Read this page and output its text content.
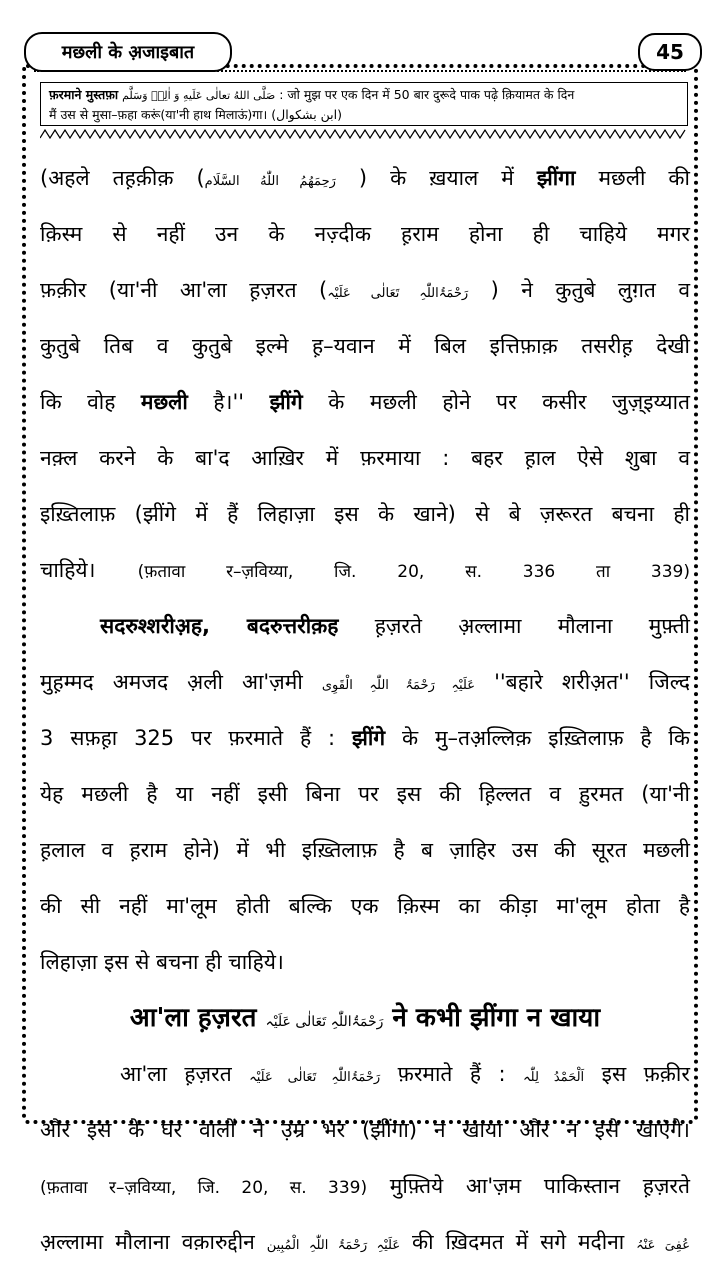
मछली के अ़जाइबात	45
फ़रमाने मुस्तफ़ा صَلَّی اللهُ تعالٰی عَلَیهِ وَ اٰلِهٖ وَسَلَّم : जो मुझ पर एक दिन में 50 बार दुरूदे पाक पढ़े क़ियामत के दिन
मैं उस से मुसा–फ़हा करूं(या'नी हाथ मिलाऊं)गा। (ابن بشكوال)
(अहले तह़क़ीक़ (رَحِمَهُمُ اللّٰهُ السَّلَام ) के ख़याल में झींगा मछली की
क़िस्म से नहीं उन के नज़्दीक ह़राम होना ही चाहिये मगर
फ़क़ीर (या'नी आ'ला ह़ज़रत (رَحْمَۃُاللّٰہِ تَعَالٰی عَلَیْہ ) ने कुतुबे लुग़त व
कुतुबे तिब व कुतुबे इल्मे ह़–यवान में बिल इत्तिफ़ाक़ तसरीह़ देखी
कि वोह मछली है।'' झींगे के मछली होने पर कसीर जुज़्इय्यात
नक़्ल करने के बा'द आख़िर में फ़रमाया : बहर ह़ाल ऐसे शुबा व
इख़्तिलाफ़ (झींगे में हैं लिहाज़ा इस के खाने) से बे ज़रूरत बचना ही
चाहिये। (फ़तावा र–ज़विय्या, जि. 20, स. 336 ता 339)
सदरुश्शरीअ़ह, बदरुत्तरीक़ह ह़ज़रते अ़ल्लामा मौलाना मुफ़्ती
मुह़म्मद अमजद अ़ली आ'ज़मी عَلَیْہِ رَحْمَۃُ اللّٰہِ الْقَوِی ''बहारे शरीअ़त'' जिल्द
3 सफ़ह़ा 325 पर फ़रमाते हैं : झींगे के मु–तअ़ल्लिक़ इख़्तिलाफ़ है कि
येह मछली है या नहीं इसी बिना पर इस की ह़िल्लत व ह़ुरमत (या'नी
ह़लाल व ह़राम होने) में भी इख़्तिलाफ़ है ब ज़ाहिर उस की सूरत मछली
की सी नहीं मा'लूम होती बल्कि एक क़िस्म का कीड़ा मा'लूम होता है
लिहाज़ा इस से बचना ही चाहिये।
आ'ला ह़ज़रत رَحْمَۃُاللّٰہِ تَعَالٰی عَلَیْہ ने कभी झींगा न खाया
आ'ला ह़ज़रत رَحْمَۃُاللّٰہِ تَعَالٰی عَلَیْہ फ़रमाते हैं : اَلْحَمْدُ لِلّٰہ इस फ़क़ीर
और इस के घर वालों ने उ़म्र भर (झींगा) न खाया और न इसे खाएंगे।
(फ़तावा र–ज़विय्या, जि. 20, स. 339) मुफ़्तिये आ'ज़म पाकिस्तान ह़ज़रते
अ़ल्लामा मौलाना वक़ारुद्दीन عَلَیْہِ رَحْمَۃُ اللّٰہِ الْمُبِین की ख़िदमत में सगे मदीना عُفِیَ عَنْہُ
